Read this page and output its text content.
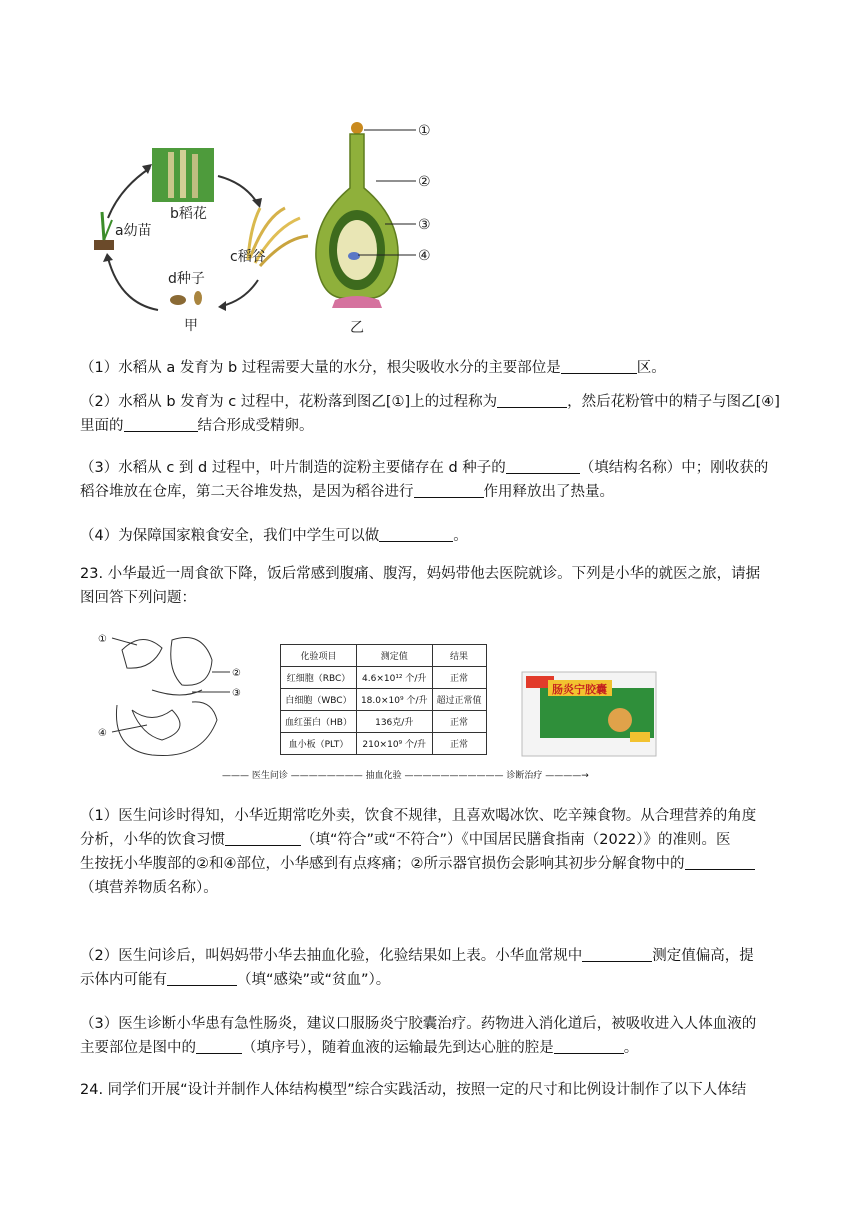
b稻花
a幼苗
c稻谷
d种子
甲
①
②
③
④
乙
（1）水稻从 a 发育为 b 过程需要大量的水分，根尖吸收水分的主要部位是	区。
（2）水稻从 b 发育为 c 过程中，花粉落到图乙[①]上的过程称为	，然后花粉管中的精子与图乙[④]
里面的	结合形成受精卵。
（3）水稻从 c 到 d 过程中，叶片制造的淀粉主要储存在 d 种子的	（填结构名称）中；刚收获的
稻谷堆放在仓库，第二天谷堆发热，是因为稻谷进行	作用释放出了热量。
（4）为保障国家粮食安全，我们中学生可以做	。
23. 小华最近一周食欲下降，饭后常感到腹痛、腹泻，妈妈带他去医院就诊。下列是小华的就医之旅，请据
图回答下列问题：
①
②
③
④
化验项目	测定值	结果
红细胞（RBC）	4.6×10¹² 个/升	正常
白细胞（WBC）	18.0×10⁹ 个/升	超过正常值
血红蛋白（HB）	136克/升	正常
血小板（PLT）	210×10⁹ 个/升	正常
肠炎宁胶囊
——— 医生问诊 ———————— 抽血化验 ——————————— 诊断治疗 ————→
（1）医生问诊时得知，小华近期常吃外卖，饮食不规律，且喜欢喝冰饮、吃辛辣食物。从合理营养的角度
分析，小华的饮食习惯	（填“符合”或“不符合”）《中国居民膳食指南（2022）》的准则。医
生按抚小华腹部的②和④部位，小华感到有点疼痛；②所示器官损伤会影响其初步分解食物中的
（填营养物质名称）。
（2）医生问诊后，叫妈妈带小华去抽血化验，化验结果如上表。小华血常规中	测定值偏高，提
示体内可能有	（填“感染”或“贫血”）。
（3）医生诊断小华患有急性肠炎，建议口服肠炎宁胶囊治疗。药物进入消化道后，被吸收进入人体血液的
主要部位是图中的	（填序号），随着血液的运输最先到达心脏的腔是	。
24. 同学们开展“设计并制作人体结构模型”综合实践活动，按照一定的尺寸和比例设计制作了以下人体结
